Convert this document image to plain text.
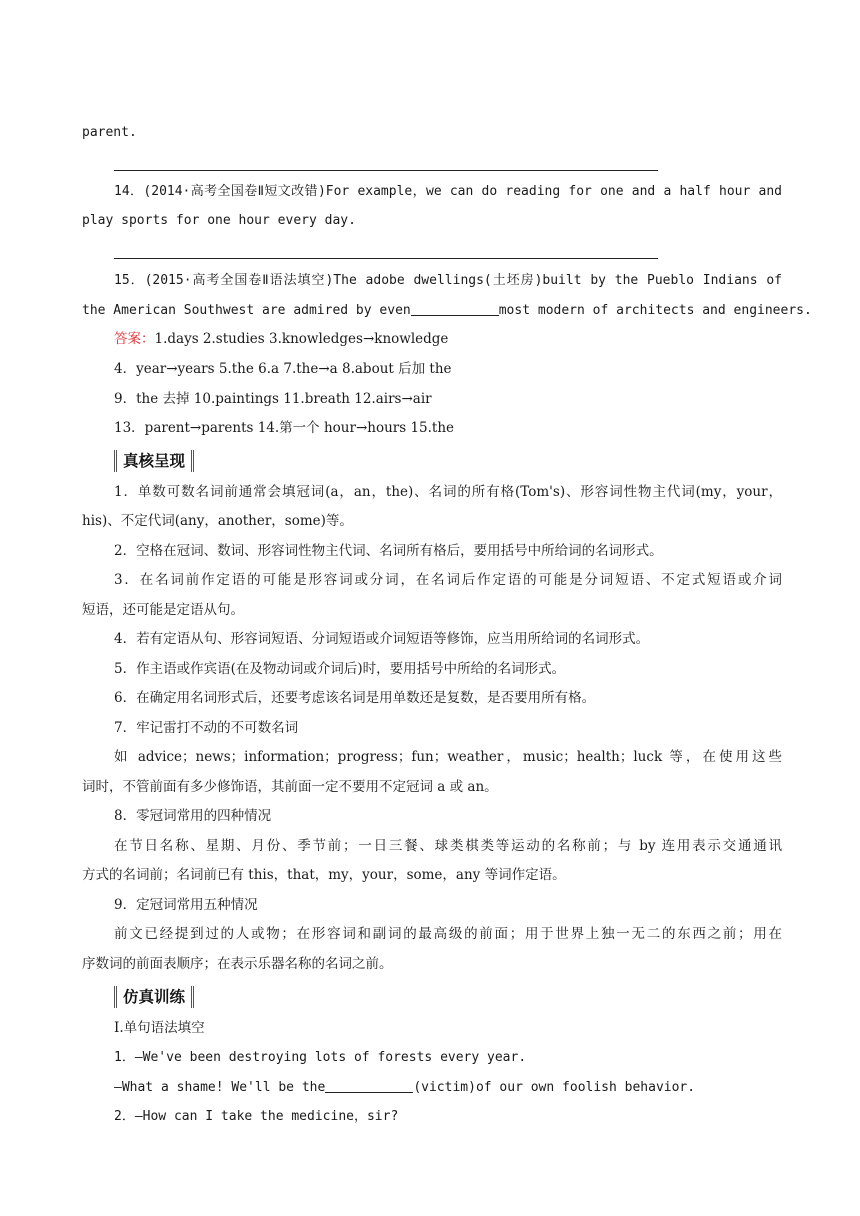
parent.
14．(2014·高考全国卷Ⅱ短文改错)For example，we can do reading for one and a half hour and
play sports for one hour every day.
15．(2015·高考全国卷Ⅱ语法填空)The adobe dwellings(土坯房)built by the Pueblo Indians of
the American Southwest are admired by even	most modern of architects and engineers.
答案：1.days 2.studies 3.knowledges→knowledge
4．year→years 5.the 6.a 7.the→a 8.about 后加 the
9．the 去掉 10.paintings 11.breath 12.airs→air
13．parent→parents 14.第一个 hour→hours 15.the
真核呈现
1．单数可数名词前通常会填冠词(a，an，the)、名词的所有格(Tom's)、形容词性物主代词(my，your，
his)、不定代词(any，another，some)等。
2．空格在冠词、数词、形容词性物主代词、名词所有格后，要用括号中所给词的名词形式。
3．在名词前作定语的可能是形容词或分词，在名词后作定语的可能是分词短语、不定式短语或介词
短语，还可能是定语从句。
4．若有定语从句、形容词短语、分词短语或介词短语等修饰，应当用所给词的名词形式。
5．作主语或作宾语(在及物动词或介词后)时，要用括号中所给的名词形式。
6．在确定用名词形式后，还要考虑该名词是用单数还是复数，是否要用所有格。
7．牢记雷打不动的不可数名词
如 advice；news；information；progress；fun；weather，music；health；luck 等，在使用这些
词时，不管前面有多少修饰语，其前面一定不要用不定冠词 a 或 an。
8．零冠词常用的四种情况
在节日名称、星期、月份、季节前；一日三餐、球类棋类等运动的名称前；与 by 连用表示交通通讯
方式的名词前；名词前已有 this，that，my，your，some，any 等词作定语。
9．定冠词常用五种情况
前文已经提到过的人或物；在形容词和副词的最高级的前面；用于世界上独一无二的东西之前；用在
序数词的前面表顺序；在表示乐器名称的名词之前。
仿真训练
Ⅰ.单句语法填空
1．—We've been destroying lots of forests every year.
—What a shame! We'll be the	(victim)of our own foolish behavior.
2．—How can I take the medicine，sir?
